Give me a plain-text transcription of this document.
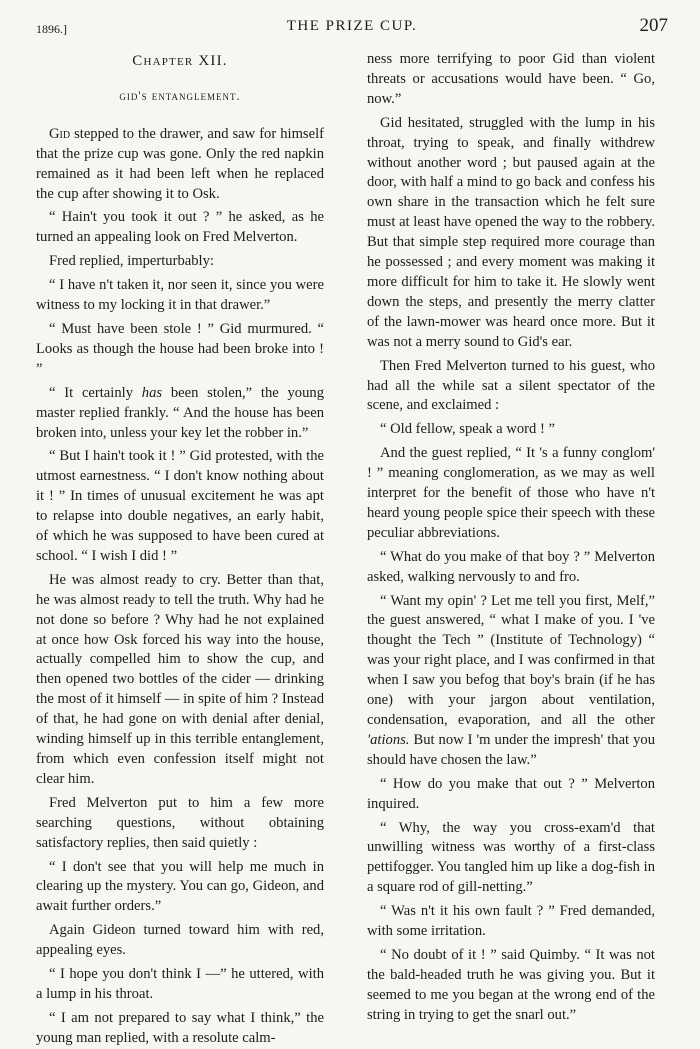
1896.]	THE PRIZE CUP.	207
Chapter XII.
gid's entanglement.

Gid stepped to the drawer, and saw for himself that the prize cup was gone. Only the red napkin remained as it had been left when he replaced the cup after showing it to Osk.

“ Hain't you took it out ? ” he asked, as he turned an appealing look on Fred Melverton.

Fred replied, imperturbably:

“ I have n't taken it, nor seen it, since you were witness to my locking it in that drawer.”

“ Must have been stole ! ” Gid murmured. “ Looks as though the house had been broke into ! ”

“ It certainly has been stolen,” the young master replied frankly. “ And the house has been broken into, unless your key let the robber in.”

“ But I hain't took it ! ” Gid protested, with the utmost earnestness. “ I don't know nothing about it ! ” In times of unusual excitement he was apt to relapse into double negatives, an early habit, of which he was supposed to have been cured at school. “ I wish I did ! ”

He was almost ready to cry. Better than that, he was almost ready to tell the truth. Why had he not done so before ? Why had he not explained at once how Osk forced his way into the house, actually compelled him to show the cup, and then opened two bottles of the cider — drinking the most of it himself — in spite of him ? Instead of that, he had gone on with denial after denial, winding himself up in this terrible entanglement, from which even confession itself might not clear him.

Fred Melverton put to him a few more searching questions, without obtaining satisfactory replies, then said quietly :

“ I don't see that you will help me much in clearing up the mystery. You can go, Gideon, and await further orders.”

Again Gideon turned toward him with red, appealing eyes.

“ I hope you don't think I —” he uttered, with a lump in his throat.

“ I am not prepared to say what I think,” the young man replied, with a resolute calm-

ness more terrifying to poor Gid than violent threats or accusations would have been. “ Go, now.”

Gid hesitated, struggled with the lump in his throat, trying to speak, and finally withdrew without another word ; but paused again at the door, with half a mind to go back and confess his own share in the transaction which he felt sure must at least have opened the way to the robbery. But that simple step required more courage than he possessed ; and every moment was making it more difficult for him to take it. He slowly went down the steps, and presently the merry clatter of the lawn-mower was heard once more. But it was not a merry sound to Gid's ear.

Then Fred Melverton turned to his guest, who had all the while sat a silent spectator of the scene, and exclaimed :

“ Old fellow, speak a word ! ”

And the guest replied, “ It 's a funny conglom' ! ” meaning conglomeration, as we may as well interpret for the benefit of those who have n't heard young people spice their speech with these peculiar abbreviations.

“ What do you make of that boy ? ” Melverton asked, walking nervously to and fro.

“ Want my opin' ? Let me tell you first, Melf,” the guest answered, “ what I make of you. I 've thought the Tech ” (Institute of Technology) “ was your right place, and I was confirmed in that when I saw you befog that boy's brain (if he has one) with your jargon about ventilation, condensation, evaporation, and all the other 'ations. But now I 'm under the impresh' that you should have chosen the law.”

“ How do you make that out ? ” Melverton inquired.

“ Why, the way you cross-exam'd that unwilling witness was worthy of a first-class pettifogger. You tangled him up like a dog-fish in a square rod of gill-netting.”

“ Was n't it his own fault ? ” Fred demanded, with some irritation.

“ No doubt of it ! ” said Quimby. “ It was not the bald-headed truth he was giving you. But it seemed to me you began at the wrong end of the string in trying to get the snarl out.”
